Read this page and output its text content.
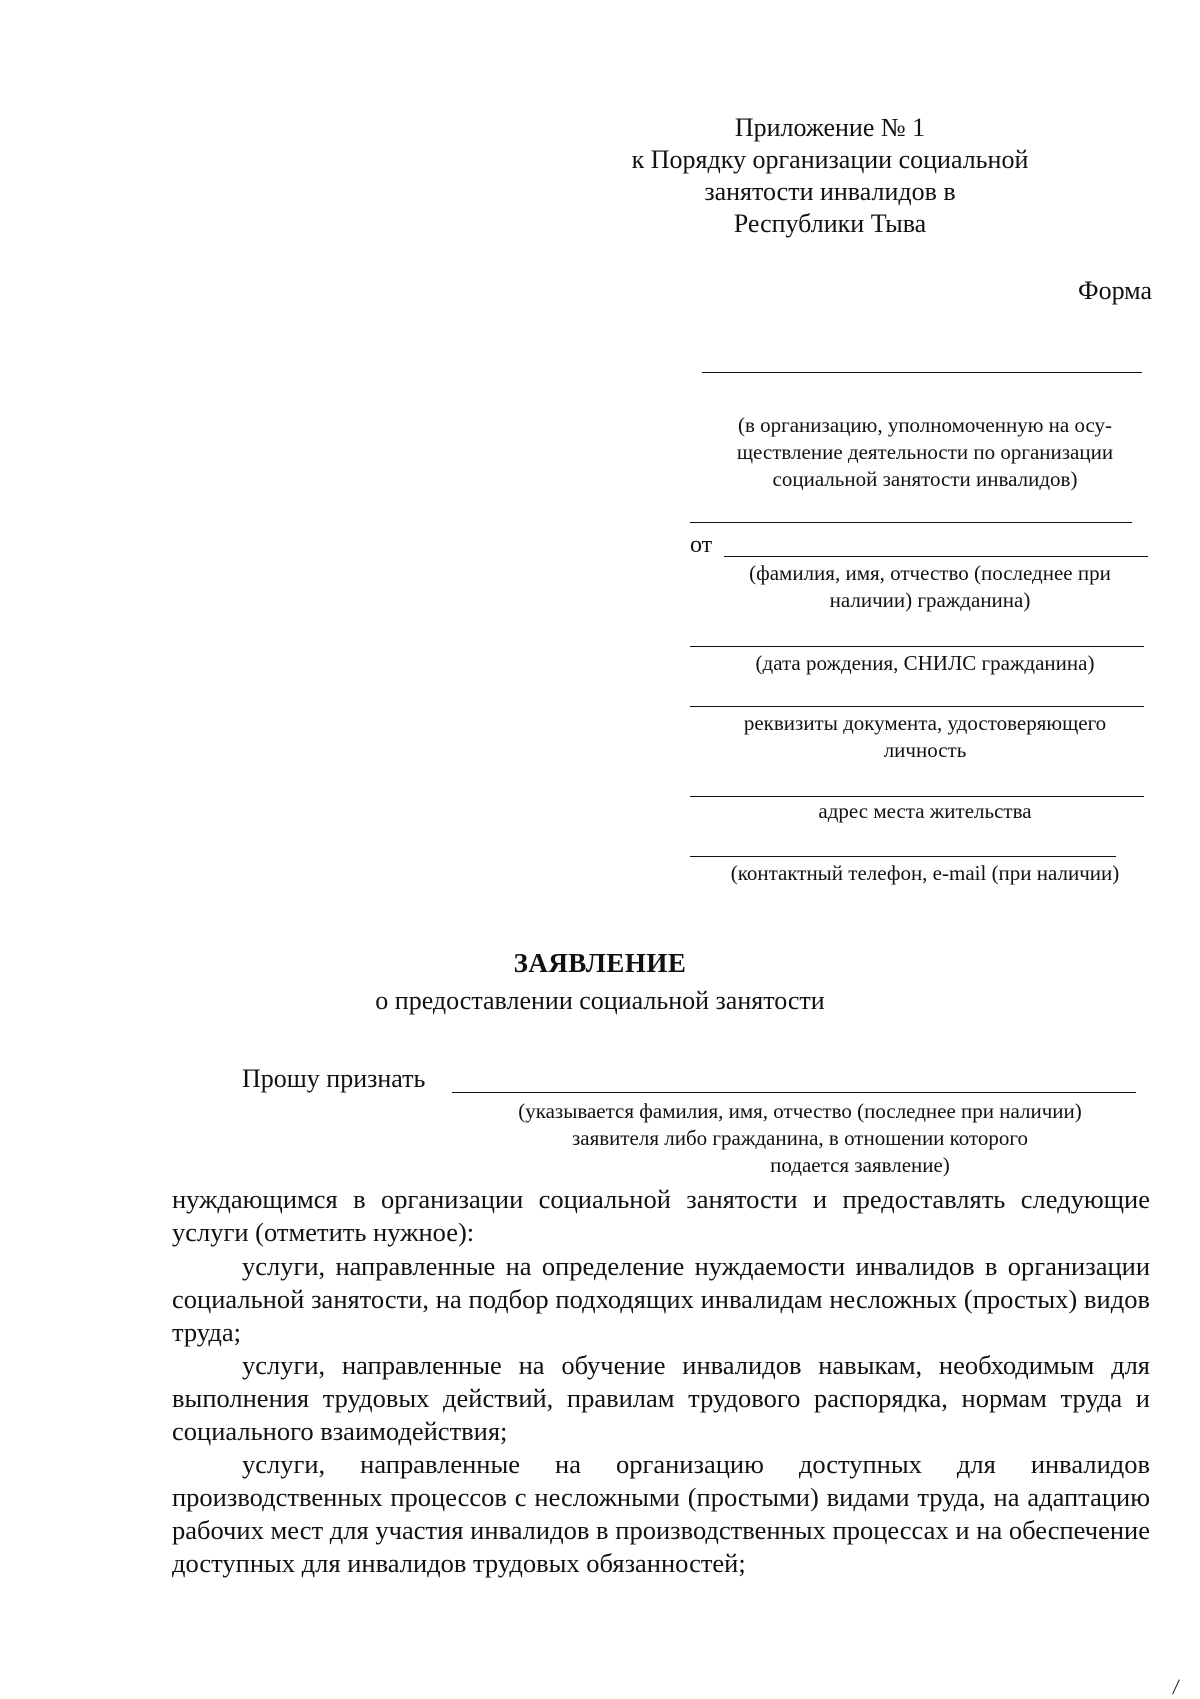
Приложение № 1
к Порядку организации социальной
занятости инвалидов в
Республики Тыва
Форма
(в организацию, уполномоченную на осу-
ществление деятельности по организации
социальной занятости инвалидов)
от
(фамилия, имя, отчество (последнее при
наличии) гражданина)
(дата рождения, СНИЛС гражданина)
реквизиты документа, удостоверяющего
личность
адрес места жительства
(контактный телефон, e-mail (при наличии)
ЗАЯВЛЕНИЕ
о предоставлении социальной занятости
Прошу признать
(указывается фамилия, имя, отчество (последнее при наличии)
заявителя либо гражданина, в отношении которого
подается заявление)
нуждающимся в организации социальной занятости и предоставлять следующие услуги (отметить нужное):
услуги, направленные на определение нуждаемости инвалидов в организации социальной занятости, на подбор подходящих инвалидам несложных (простых) видов труда;
услуги, направленные на обучение инвалидов навыкам, необходимым для выполнения трудовых действий, правилам трудового распорядка, нормам труда и социального взаимодействия;
услуги, направленные на организацию доступных для инвалидов производственных процессов с несложными (простыми) видами труда, на адаптацию рабочих мест для участия инвалидов в производственных процессах и на обеспечение доступных для инвалидов трудовых обязанностей;
